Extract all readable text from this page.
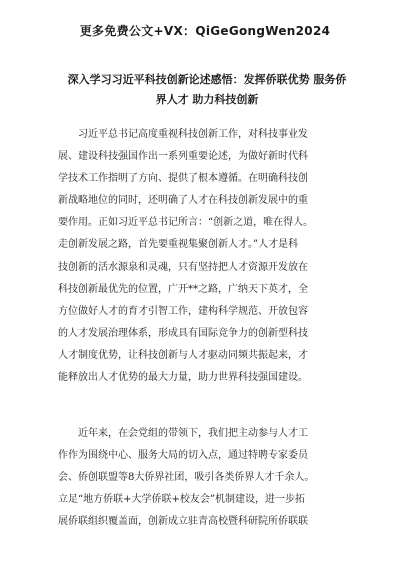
更多免费公文+VX：QiGeGongWen2024
深入学习习近平科技创新论述感悟：发挥侨联优势 服务侨
界人才 助力科技创新

习近平总书记高度重视科技创新工作，对科技事业发
展、建设科技强国作出一系列重要论述，为做好新时代科
学技术工作指明了方向、提供了根本遵循。在明确科技创
新战略地位的同时，还明确了人才在科技创新发展中的重
要作用。正如习近平总书记所言：“创新之道，唯在得人。
走创新发展之路，首先要重视集聚创新人才。”人才是科
技创新的活水源泉和灵魂，只有坚持把人才资源开发放在
科技创新最优先的位置，广开**之路，广纳天下英才，全
方位做好人才的育才引智工作，建构科学规范、开放包容
的人才发展治理体系，形成具有国际竞争力的创新型科技
人才制度优势，让科技创新与人才驱动同频共振起来，才
能释放出人才优势的最大力量，助力世界科技强国建设。

近年来，在会党组的带领下，我们把主动参与人才工
作作为围绕中心、服务大局的切入点，通过特聘专家委员
会、侨创联盟等8大侨界社团，吸引各类侨界人才千余人。
立足“地方侨联+大学侨联+校友会”机制建设，进一步拓
展侨联组织覆盖面，创新成立驻青高校暨科研院所侨联联
